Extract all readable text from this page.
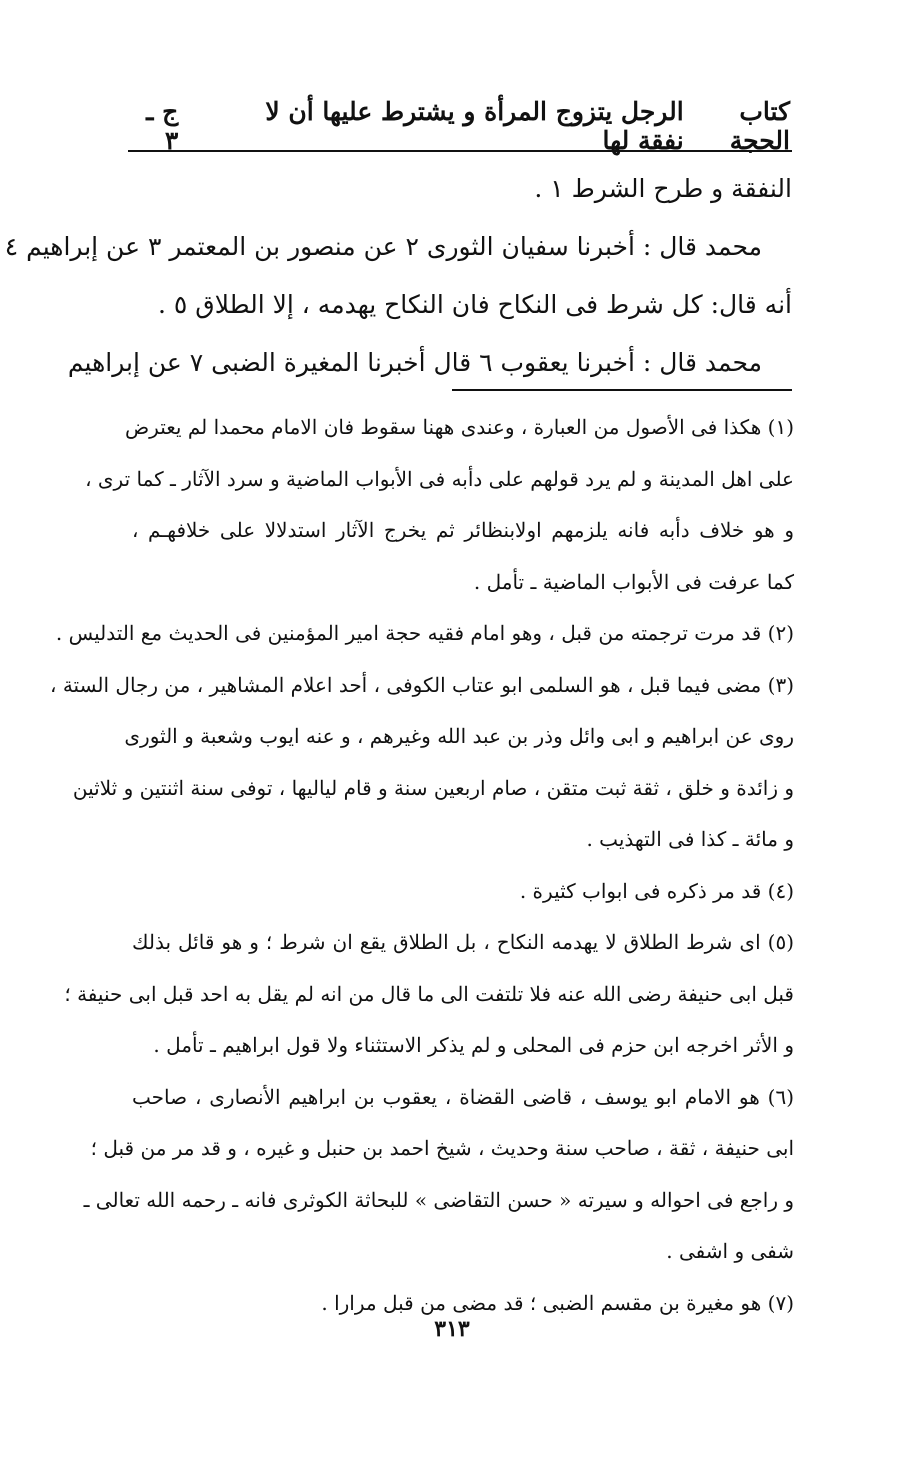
كتاب الحجة
الرجل يتزوج المرأة و يشترط عليها أن لا نفقة لها
ج ـ ٣
النفقة و طرح الشرط ١ .
محمد قال : أخبرنا سفيان الثورى ٢ عن منصور بن المعتمر ٣ عن إبراهيم ٤
أنه قال: كل شرط فى النكاح فان النكاح يهدمه ، إلا الطلاق ٥ .
محمد قال : أخبرنا يعقوب ٦ قال أخبرنا المغيرة الضبى ٧ عن إبراهيم
(١) هكذا فى الأصول من العبارة ، وعندى ههنا سقوط فان الامام محمدا لم يعترض
على اهل المدينة و لم يرد قولهم على دأبه فى الأبواب الماضية و سرد الآثار ـ كما ترى ،
و هو خلاف دأبه فانه يلزمهم اولابنظائر ثم يخرج الآثار استدلالا على خلافهـم ،
كما عرفت فى الأبواب الماضية ـ تأمل .
(٢) قد مرت ترجمته من قبل ، وهو امام فقيه حجة امير المؤمنين فى الحديث مع التدليس .
(٣) مضى فيما قبل ، هو السلمى ابو عتاب الكوفى ، أحد اعلام المشاهير ، من رجال الستة ،
روى عن ابراهيم و ابى وائل وذر بن عبد الله وغيرهم ، و عنه ايوب وشعبة و الثورى
و زائدة و خلق ، ثقة ثبت متقن ، صام اربعين سنة و قام لياليها ، توفى سنة اثنتين و ثلاثين
و مائة ـ كذا فى التهذيب .
(٤) قد مر ذكره فى ابواب كثيرة .
(٥) اى شرط الطلاق لا يهدمه النكاح ، بل الطلاق يقع ان شرط ؛ و هو قائل بذلك
قبل ابى حنيفة رضى الله عنه فلا تلتفت الى ما قال من انه لم يقل به احد قبل ابى حنيفة ؛
و الأثر اخرجه ابن حزم فى المحلى و لم يذكر الاستثناء ولا قول ابراهيم ـ تأمل .
(٦) هو الامام ابو يوسف ، قاضى القضاة ، يعقوب بن ابراهيم الأنصارى ، صاحب
ابى حنيفة ، ثقة ، صاحب سنة وحديث ، شيخ احمد بن حنبل و غيره ، و قد مر من قبل ؛
و راجع فى احواله و سيرته « حسن التقاضى » للبحاثة الكوثرى فانه ـ رحمه الله تعالى ـ
شفى و اشفى .
(٧) هو مغيرة بن مقسم الضبى ؛ قد مضى من قبل مرارا .
٣١٣
